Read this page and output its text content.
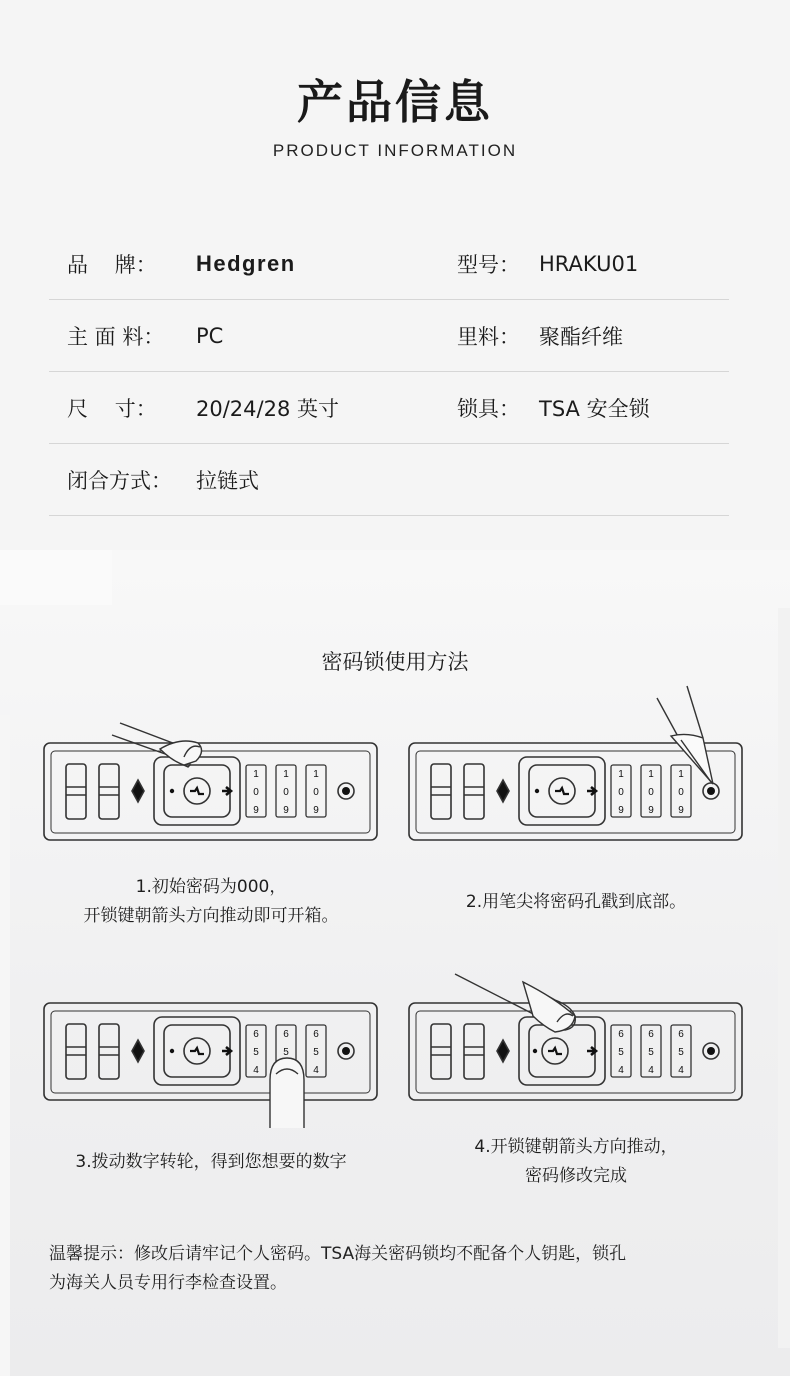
产品信息
PRODUCT INFORMATION
品    牌： Hedgren	型号： HRAKU01
主 面 料： PC	里料： 聚酯纤维
尺    寸： 20/24/28 英寸	锁具： TSA 安全锁
闭合方式： 拉链式
密码锁使用方法
1
0
9
1
0
9
1
0
9
1.初始密码为000，
开锁键朝箭头方向推动即可开箱。
1
0
9
1
0
9
1
0
9
2.用笔尖将密码孔戳到底部。
6
5
4
6
5
6
5
4
3.拨动数字转轮，得到您想要的数字
6
5
4
6
5
4
6
5
4
4.开锁键朝箭头方向推动，
密码修改完成
温馨提示：修改后请牢记个人密码。TSA海关密码锁均不配备个人钥匙，锁孔
为海关人员专用行李检查设置。
